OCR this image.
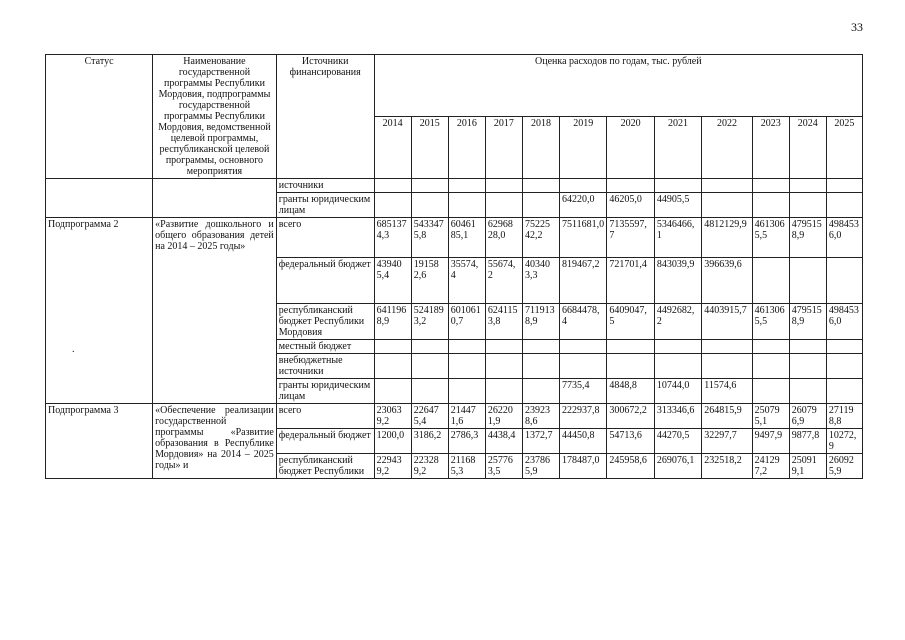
33
Статус	Наименование государственной программы Республики Мордовия, подпрограммы государственной программы Республики Мордовия, ведомственной целевой программы, республиканской целевой программы, основного мероприятия	Источники финансирования	Оценка расходов по годам, тыс. рублей											
			2014	2015	2016	2017	2018	2019	2020	2021	2022	2023	2024	2025
		источники												
		гранты юридическим лицам						64220,0	46205,0	44905,5				
Подпрограмма 2	«Развитие дошкольного и общего образования детей на 2014 – 2025 годы»	всего	6851374,3	5433475,8	60461 85,1	62968 28,0	75225 42,2	7511681,0	7135597,7	5346466,1	4812129,9	4613065,5	4795158,9	4984536,0
		федеральный бюджет	439405,4	191582,6	35574,4	55674,2	403403,3	819467,2	721701,4	843039,9	396639,6			
		республиканский бюджет Республики Мордовия	6411968,9	5241893,2	601061 0,7	624115 3,8	711913 8,9	6684478,4	6409047,5	4492682,2	4403915,7	4613065,5	4795158,9	4984536,0
		местный бюджет												
		внебюджетные источники												
		гранты юридическим лицам						7735,4	4848,8	10744,0	11574,6			
Подпрограмма 3	«Обеспечение реализации государственной программы «Развитие образования в Республике Мордовия» на 2014 – 2025 годы» и	всего	230639,2	226475,4	214471,6	262201,9	239238,6	222937,8	300672,2	313346,6	264815,9	250795,1	260796,9	271198,8
		федеральный бюджет	1200,0	3186,2	2786,3	4438,4	1372,7	44450,8	54713,6	44270,5	32297,7	9497,9	9877,8	10272,9
		республиканский бюджет Республики	229439,2	223289,2	211685,3	257763,5	237865,9	178487,0	245958,6	269076,1	232518,2	241297,2	250919,1	260925,9
.
